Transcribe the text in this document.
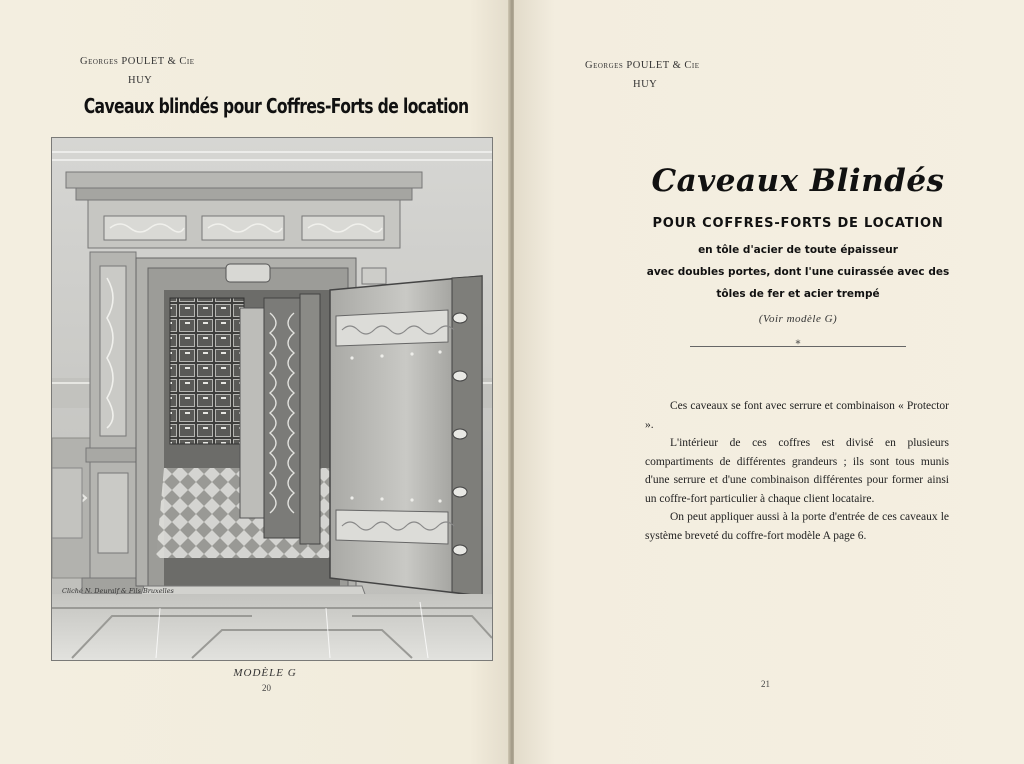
Georges POULET & Cie
HUY
Caveaux blindés pour Coffres-Forts de location
Cliché N. Deuralf & Fils Bruxelles
MODÈLE G
20
Georges POULET & Cie
HUY
Caveaux Blindés
POUR COFFRES-FORTS DE LOCATION
en tôle d'acier de toute épaisseur
avec doubles portes, dont l'une cuirassée avec des
tôles de fer et acier trempé
(Voir modèle G)
*

Ces caveaux se font avec serrure et combinaison « Protector ».

L'intérieur de ces coffres est divisé en plusieurs compartiments de différentes grandeurs ; ils sont tous munis d'une serrure et d'une combinaison différentes pour former ainsi un coffre-fort particulier à chaque client locataire.

On peut appliquer aussi à la porte d'entrée de ces caveaux le système breveté du coffre-fort modèle A page 6.

21
